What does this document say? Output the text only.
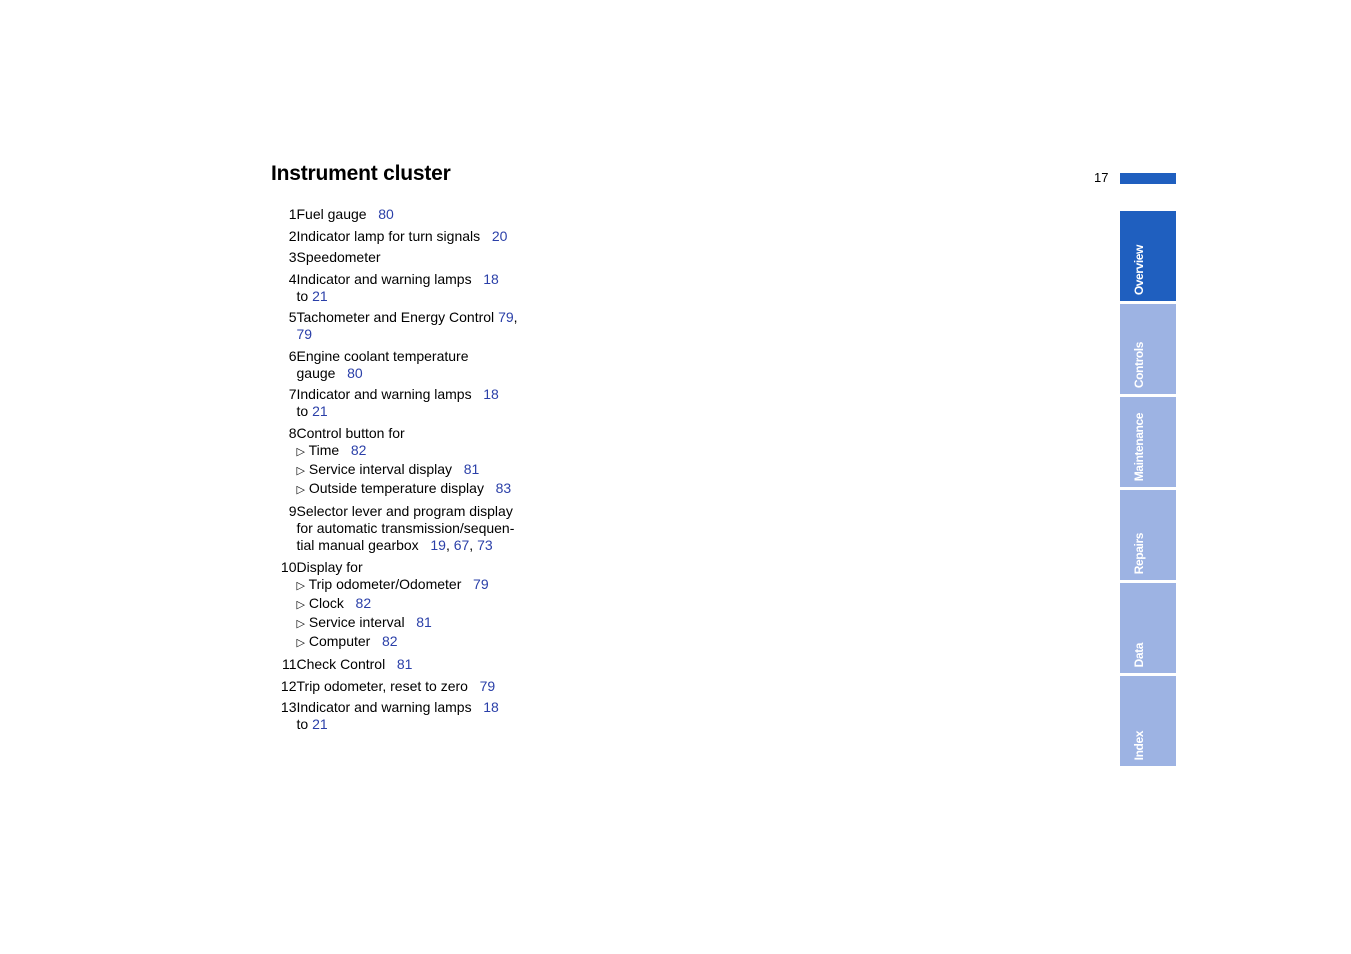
Instrument cluster	17
1 Fuel gauge   80
2 Indicator lamp for turn signals   20
3 Speedometer
4 Indicator and warning lamps   18
to 21
5 Tachometer and Energy Control 79,
79
6 Engine coolant temperature
gauge   80
7 Indicator and warning lamps   18
to 21
8 Control button for
▷ Time   82
▷ Service interval display   81
▷ Outside temperature display   83
9 Selector lever and program display
for automatic transmission/sequen-
tial manual gearbox   19, 67, 73
10 Display for
▷ Trip odometer/Odometer   79
▷ Clock   82
▷ Service interval   81
▷ Computer   82
11 Check Control   81
12 Trip odometer, reset to zero   79
13 Indicator and warning lamps   18
to 21
Overview
Controls
Maintenance
Repairs
Data
Index
